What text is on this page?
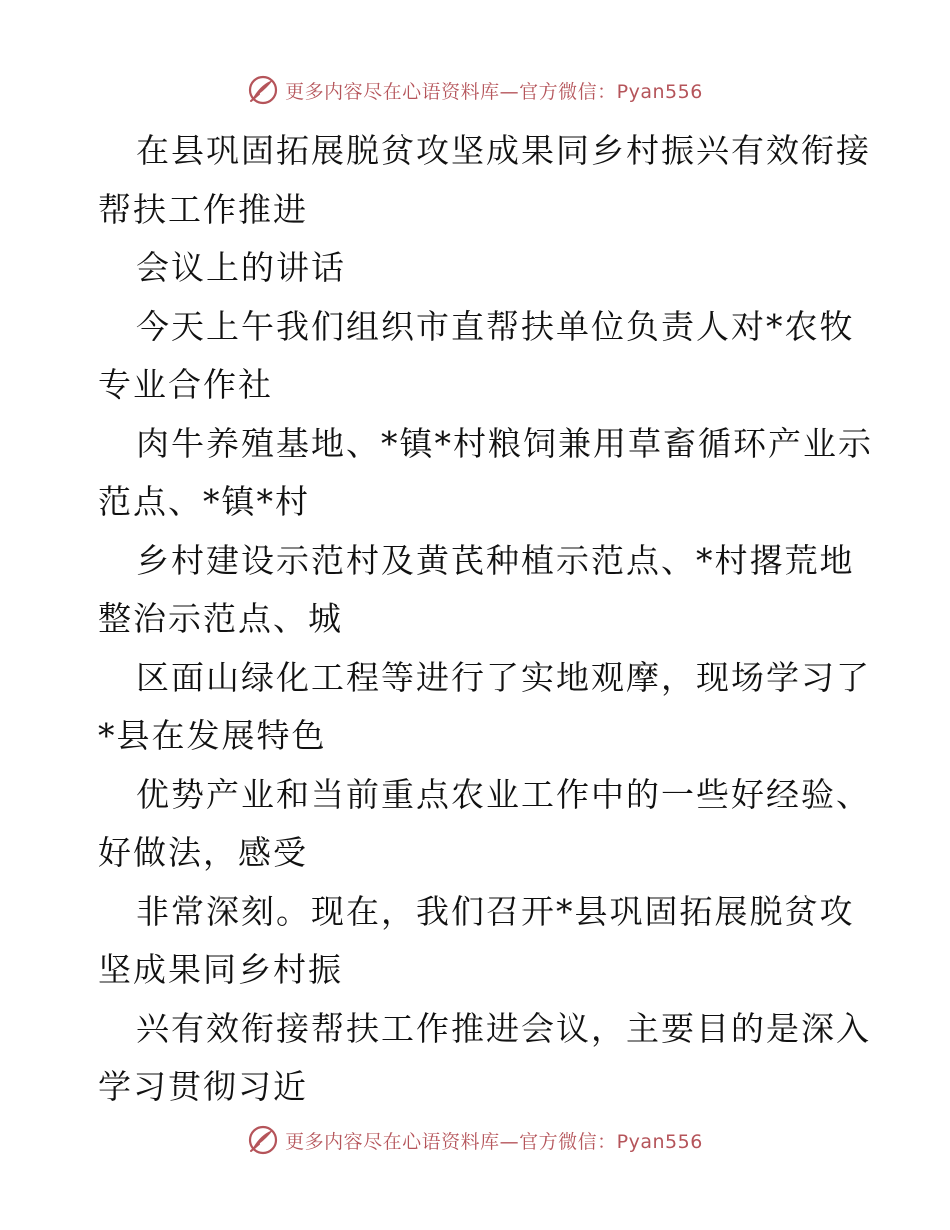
更多内容尽在心语资料库—官方微信：Pyan556
在县巩固拓展脱贫攻坚成果同乡村振兴有效衔接
帮扶工作推进
会议上的讲话
今天上午我们组织市直帮扶单位负责人对*农牧
专业合作社
肉牛养殖基地、*镇*村粮饲兼用草畜循环产业示
范点、*镇*村
乡村建设示范村及黄芪种植示范点、*村撂荒地
整治示范点、城
区面山绿化工程等进行了实地观摩，现场学习了
*县在发展特色
优势产业和当前重点农业工作中的一些好经验、
好做法，感受
非常深刻。现在，我们召开*县巩固拓展脱贫攻
坚成果同乡村振
兴有效衔接帮扶工作推进会议，主要目的是深入
学习贯彻习近
更多内容尽在心语资料库—官方微信：Pyan556
